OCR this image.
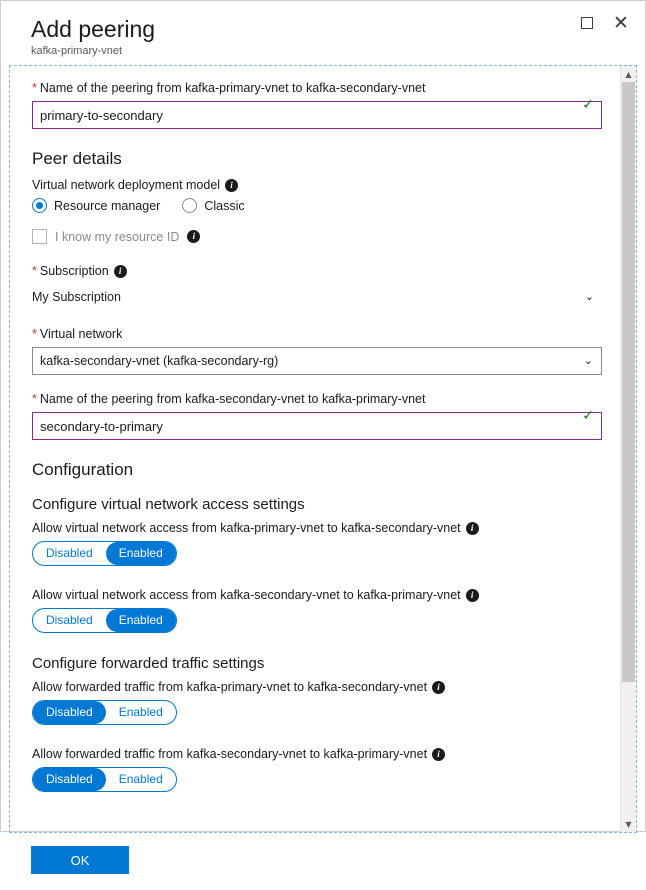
Add peering
kafka-primary-vnet
✕
* Name of the peering from kafka-primary-vnet to kafka-secondary-vnet
primary-to-secondary
✓
Peer details
Virtual network deployment model	i
Resource manager	Classic
I know my resource ID	i
* Subscription	i
My Subscription	⌄
* Virtual network
kafka-secondary-vnet (kafka-secondary-rg)	⌄
* Name of the peering from kafka-secondary-vnet to kafka-primary-vnet
secondary-to-primary
✓
Configuration
Configure virtual network access settings
Allow virtual network access from kafka-primary-vnet to kafka-secondary-vnet	i
Disabled	Enabled
Allow virtual network access from kafka-secondary-vnet to kafka-primary-vnet	i
Disabled	Enabled
Configure forwarded traffic settings
Allow forwarded traffic from kafka-primary-vnet to kafka-secondary-vnet	i
Disabled	Enabled
Allow forwarded traffic from kafka-secondary-vnet to kafka-primary-vnet	i
Disabled	Enabled
▲
▼
OK
